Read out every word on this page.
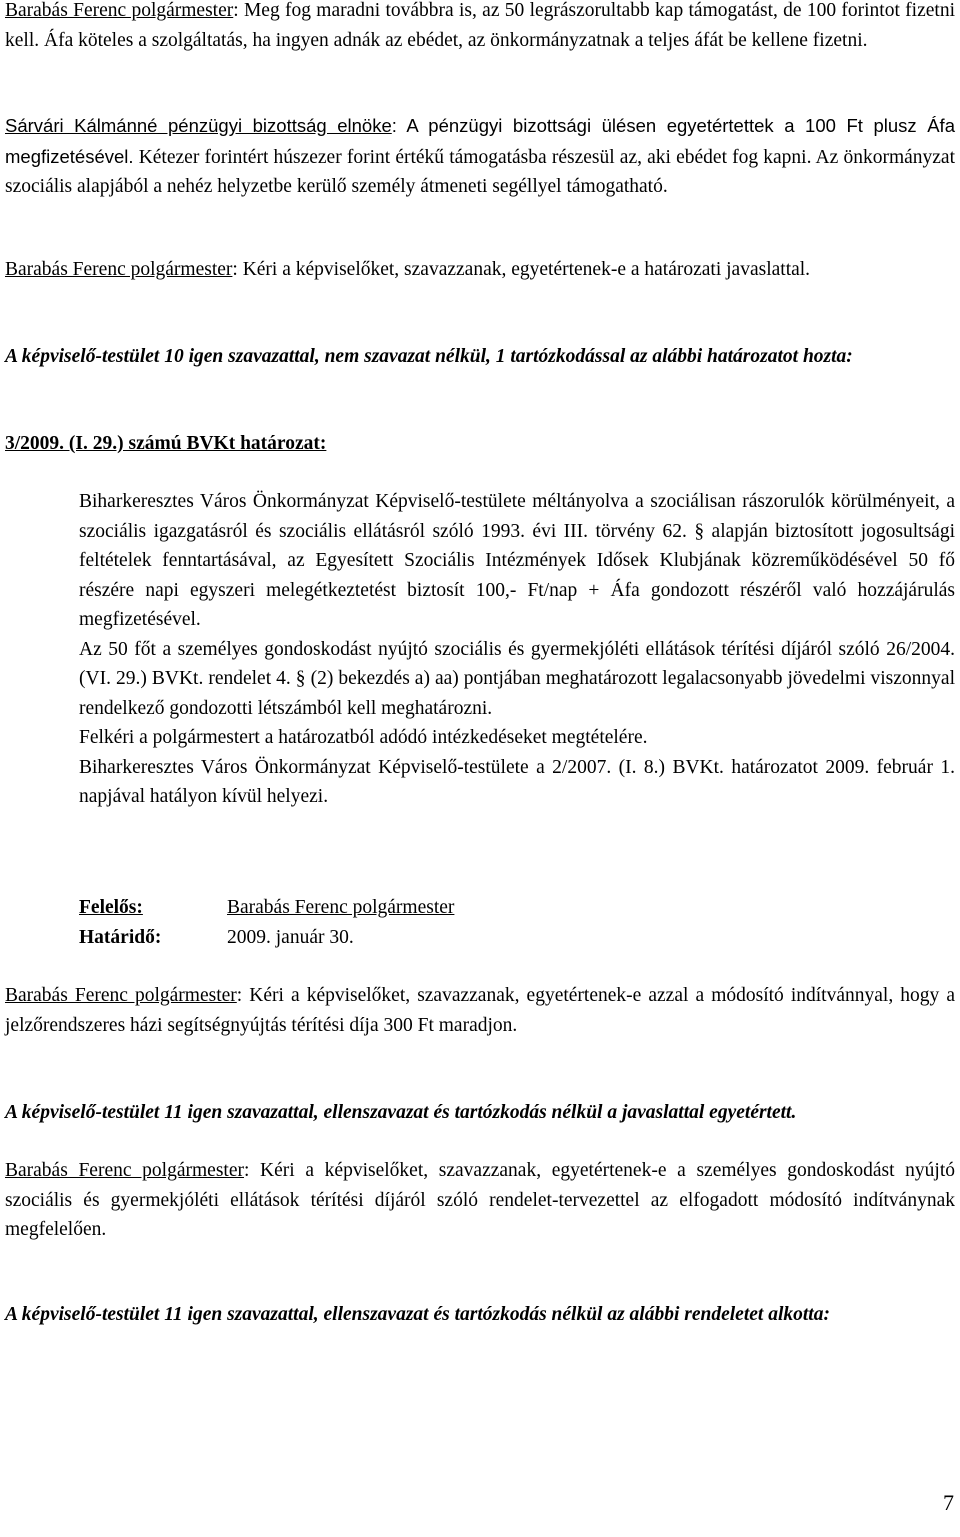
Barabás Ferenc polgármester: Meg fog maradni továbbra is, az 50 legrászorultabb kap támogatást, de 100 forintot fizetni kell. Áfa köteles a szolgáltatás, ha ingyen adnák az ebédet, az önkormányzatnak a teljes áfát be kellene fizetni.

Sárvári Kálmánné pénzügyi bizottság elnöke: A pénzügyi bizottsági ülésen egyetértettek a 100 Ft plusz Áfa megfizetésével. Kétezer forintért húszezer forint értékű támogatásba részesül az, aki ebédet fog kapni. Az önkormányzat szociális alapjából a nehéz helyzetbe kerülő személy átmeneti segéllyel támogatható.

Barabás Ferenc polgármester: Kéri a képviselőket, szavazzanak, egyetértenek-e a határozati javaslattal.

A képviselő-testület 10 igen szavazattal, nem szavazat nélkül, 1 tartózkodással az alábbi határozatot hozta:

3/2009. (I. 29.) számú BVKt határozat:

Biharkeresztes Város Önkormányzat Képviselő-testülete méltányolva a szociálisan rászorulók körülményeit, a szociális igazgatásról és szociális ellátásról szóló 1993. évi III. törvény 62. § alapján biztosított jogosultsági feltételek fenntartásával, az Egyesített Szociális Intézmények Idősek Klubjának közreműködésével 50 fő részére napi egyszeri melegétkeztetést biztosít 100,- Ft/nap + Áfa gondozott részéről való hozzájárulás megfizetésével.

Az 50 főt a személyes gondoskodást nyújtó szociális és gyermekjóléti ellátások térítési díjáról szóló 26/2004. (VI. 29.) BVKt. rendelet 4. § (2) bekezdés a) aa) pontjában meghatározott legalacsonyabb jövedelmi viszonnyal rendelkező gondozotti létszámból kell meghatározni.

Felkéri a polgármestert a határozatból adódó intézkedéseket megtételére.

Biharkeresztes Város Önkormányzat Képviselő-testülete a 2/2007. (I. 8.) BVKt. határozatot 2009. február 1. napjával hatályon kívül helyezi.

Felelős:	Barabás Ferenc polgármester
Határidő:	2009. január 30.

Barabás Ferenc polgármester: Kéri a képviselőket, szavazzanak, egyetértenek-e azzal a módosító indítvánnyal, hogy a jelzőrendszeres házi segítségnyújtás térítési díja 300 Ft maradjon.

A képviselő-testület 11 igen szavazattal, ellenszavazat és tartózkodás nélkül a javaslattal egyetértett.

Barabás Ferenc polgármester: Kéri a képviselőket, szavazzanak, egyetértenek-e a személyes gondoskodást nyújtó szociális és gyermekjóléti ellátások térítési díjáról szóló rendelet-tervezettel az elfogadott módosító indítványnak megfelelően.

A képviselő-testület 11 igen szavazattal, ellenszavazat és tartózkodás nélkül az alábbi rendeletet alkotta:

7
